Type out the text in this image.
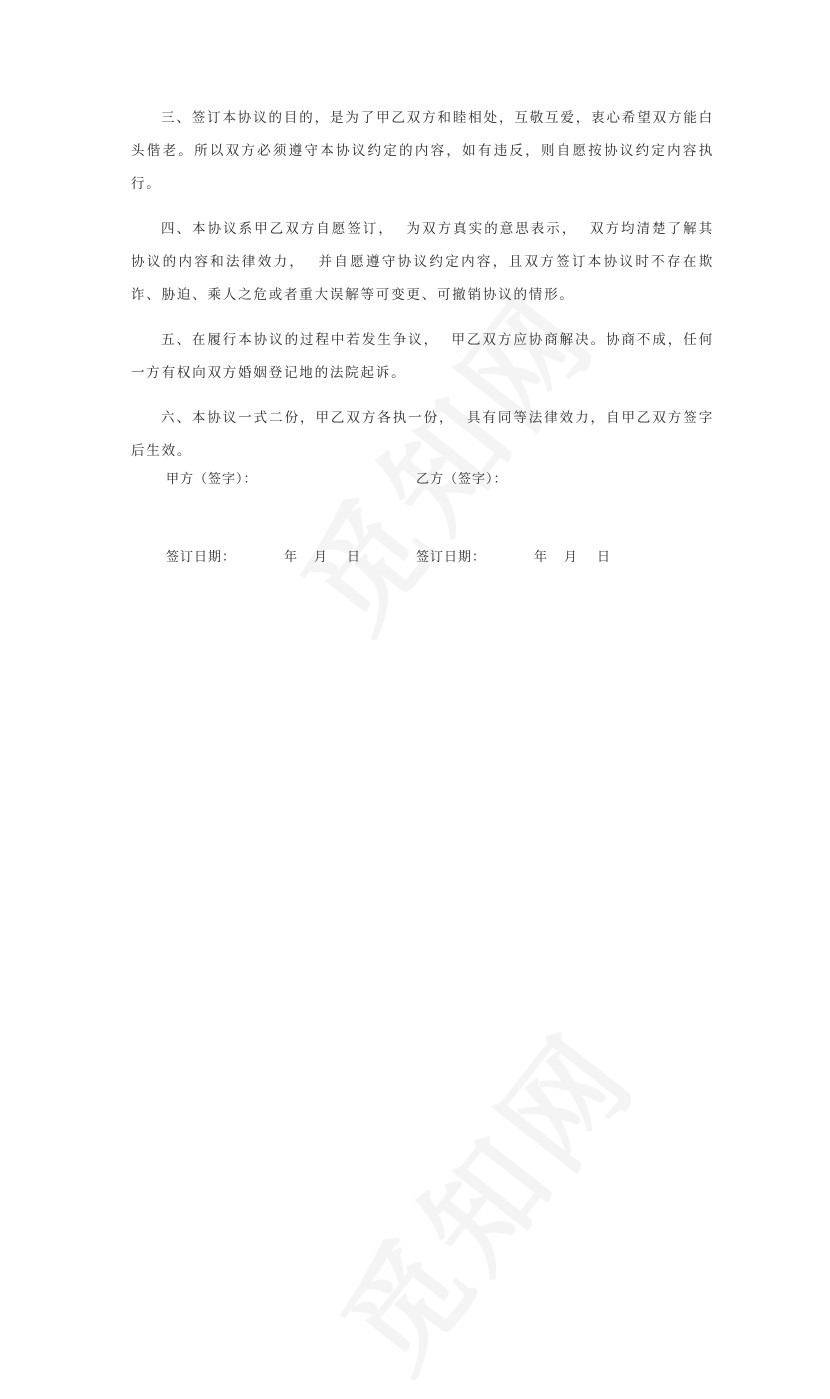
三、签订本协议的目的，是为了甲乙双方和睦相处，互敬互爱，衷心希望双方能白头偕老。所以双方必须遵守本协议约定的内容，如有违反，则自愿按协议约定内容执行。

四、本协议系甲乙双方自愿签订，  为双方真实的意思表示，  双方均清楚了解其协议的内容和法律效力，  并自愿遵守协议约定内容，且双方签订本协议时不存在欺诈、胁迫、乘人之危或者重大误解等可变更、可撤销协议的情形。

五、在履行本协议的过程中若发生争议，  甲乙双方应协商解决。协商不成，任何一方有权向双方婚姻登记地的法院起诉。

六、本协议一式二份，甲乙双方各执一份，  具有同等法律效力，自甲乙双方签字后生效。

甲方（签字）：

	乙方（签字）：

签订日期：

	年

月

日

	签订日期：

	年

月

日
